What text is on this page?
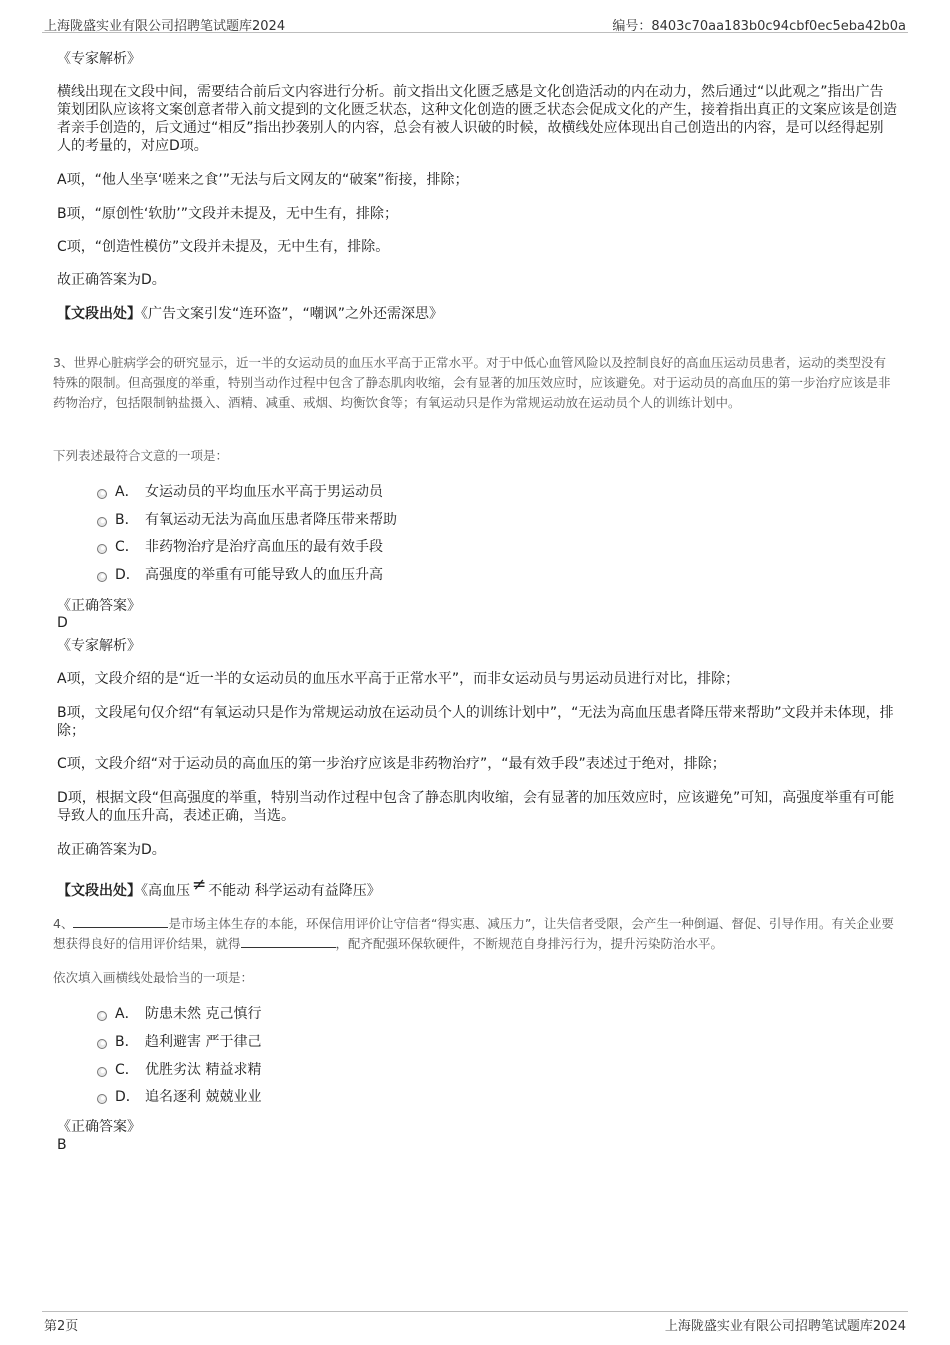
上海陇盛实业有限公司招聘笔试题库2024	编号：8403c70aa183b0c94cbf0ec5eba42b0a
《专家解析》
横线出现在文段中间，需要结合前后文内容进行分析。前文指出文化匮乏感是文化创造活动的内在动力，然后通过“以此观之”指出广告策划团队应该将文案创意者带入前文提到的文化匮乏状态，这种文化创造的匮乏状态会促成文化的产生，接着指出真正的文案应该是创造者亲手创造的，后文通过“相反”指出抄袭别人的内容，总会有被人识破的时候，故横线处应体现出自己创造出的内容，是可以经得起别人的考量的，对应D项。
A项，“他人坐享‘嗟来之食’”无法与后文网友的“破案”衔接，排除；
B项，“原创性‘软肋’”文段并未提及，无中生有，排除；
C项，“创造性模仿”文段并未提及，无中生有，排除。
故正确答案为D。
【文段出处】《广告文案引发“连环盗”，“嘲讽”之外还需深思》
3、世界心脏病学会的研究显示，近一半的女运动员的血压水平高于正常水平。对于中低心血管风险以及控制良好的高血压运动员患者，运动的类型没有特殊的限制。但高强度的举重，特别当动作过程中包含了静态肌肉收缩，会有显著的加压效应时，应该避免。对于运动员的高血压的第一步治疗应该是非药物治疗，包括限制钠盐摄入、酒精、减重、戒烟、均衡饮食等；有氧运动只是作为常规运动放在运动员个人的训练计划中。
下列表述最符合文意的一项是：
A． 女运动员的平均血压水平高于男运动员
B． 有氧运动无法为高血压患者降压带来帮助
C． 非药物治疗是治疗高血压的最有效手段
D． 高强度的举重有可能导致人的血压升高
《正确答案》
D
《专家解析》
A项，文段介绍的是“近一半的女运动员的血压水平高于正常水平”，而非女运动员与男运动员进行对比，排除；
B项，文段尾句仅介绍“有氧运动只是作为常规运动放在运动员个人的训练计划中”，“无法为高血压患者降压带来帮助”文段并未体现，排除；
C项，文段介绍“对于运动员的高血压的第一步治疗应该是非药物治疗”，“最有效手段”表述过于绝对，排除；
D项，根据文段“但高强度的举重，特别当动作过程中包含了静态肌肉收缩，会有显著的加压效应时，应该避免”可知，高强度举重有可能导致人的血压升高，表述正确，当选。
故正确答案为D。
【文段出处】《高血压 ≠ 不能动 科学运动有益降压》
4、	是市场主体生存的本能，环保信用评价让守信者“得实惠、减压力”，让失信者受限，会产生一种倒逼、督促、引导作用。有关企业要想获得良好的信用评价结果，就得	，配齐配强环保软硬件，不断规范自身排污行为，提升污染防治水平。
依次填入画横线处最恰当的一项是：
A． 防患未然 克己慎行
B． 趋利避害 严于律己
C． 优胜劣汰 精益求精
D． 追名逐利 兢兢业业
《正确答案》
B
第2页	上海陇盛实业有限公司招聘笔试题库2024
